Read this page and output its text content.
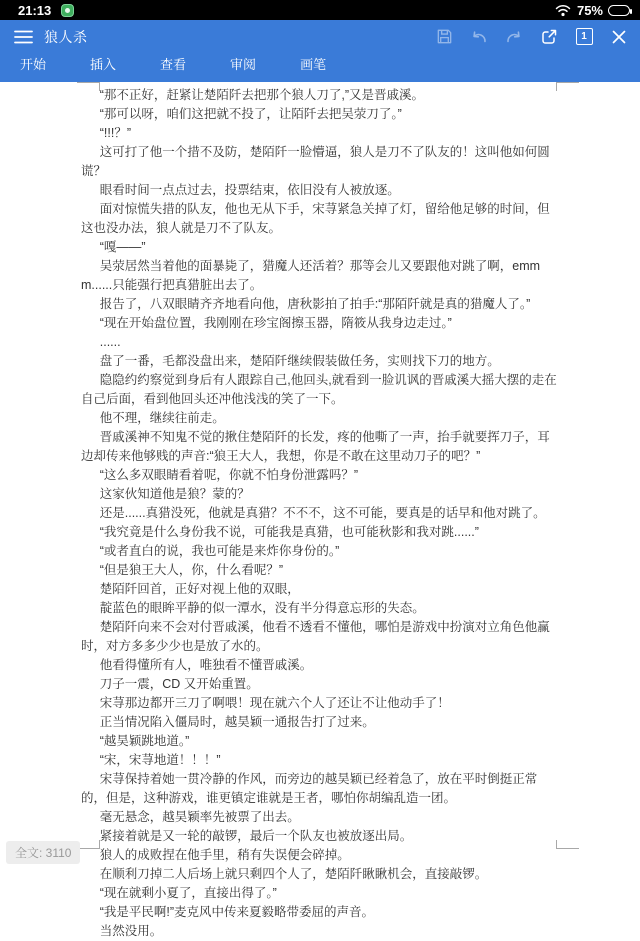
21:13	75%
狼人杀	1
开始	插入	查看	审阅	画笔

“那不正好，赶紧让楚陌阡去把那个狼人刀了,”又是晋戚溪。

“那可以呀，咱们这把就不投了，让陌阡去把吴荥刀了。”

“!!!？”

这可打了他一个措不及防，楚陌阡一脸懵逼，狼人是刀不了队友的！这叫他如何圆谎？

眼看时间一点点过去，投票结束，依旧没有人被放逐。

面对惊慌失措的队友，他也无从下手，宋荨紧急关掉了灯，留给他足够的时间，但这也没办法，狼人就是刀不了队友。

“嘎——”

吴荥居然当着他的面暴毙了，猎魔人还活着？那等会儿又要跟他对跳了啊，emmm......只能强行把真猎脏出去了。

报告了，八双眼睛齐齐地看向他，唐秋影拍了拍手:“那陌阡就是真的猎魔人了。”

“现在开始盘位置，我刚刚在珍宝阁擦玉器，隋筱从我身边走过。”

......

盘了一番，毛都没盘出来，楚陌阡继续假装做任务，实则找下刀的地方。

隐隐约约察觉到身后有人跟踪自己,他回头,就看到一脸讥讽的晋戚溪大摇大摆的走在自己后面，看到他回头还冲他浅浅的笑了一下。

他不理，继续往前走。

晋戚溪神不知鬼不觉的揪住楚陌阡的长发，疼的他嘶了一声，抬手就要挥刀子，耳边却传来他够贱的声音:“狼王大人，我想，你是不敢在这里动刀子的吧？”

“这么多双眼睛看着呢，你就不怕身份泄露吗？”

这家伙知道他是狼？蒙的？

还是......真猎没死，他就是真猎？不不不，这不可能，要真是的话早和他对跳了。

“我究竟是什么身份我不说，可能我是真猎，也可能秋影和我对跳......”

“或者直白的说，我也可能是来炸你身份的。”

“但是狼王大人，你，什么看呢？”

楚陌阡回首，正好对视上他的双眼，

靛蓝色的眼眸平静的似一潭水，没有半分得意忘形的失态。

楚陌阡向来不会对付晋戚溪，他看不透看不懂他，哪怕是游戏中扮演对立角色他赢时，对方多多少少也是放了水的。

他看得懂所有人，唯独看不懂晋戚溪。

刀子一震，CD 又开始重置。

宋荨那边都开三刀了啊喂！现在就六个人了还让不让他动手了！

正当情况陷入僵局时，越昊颖一通报告打了过来。

“越昊颖跳地道。”

“宋，宋荨地道！！！”

宋荨保持着她一贯冷静的作风，而旁边的越昊颖已经着急了，放在平时倒挺正常的，但是，这种游戏，谁更镇定谁就是王者，哪怕你胡编乱造一团。

毫无悬念，越昊颖率先被票了出去。

紧接着就是又一轮的敲锣，最后一个队友也被放逐出局。

狼人的成败捏在他手里，稍有失误便会碎掉。

在顺利刀掉二人后场上就只剩四个人了，楚陌阡瞅瞅机会，直接敲锣。

“现在就剩小夏了，直接出得了。”

“我是平民啊!”麦克风中传来夏毅略带委屈的声音。

当然没用。

全文: 3110
